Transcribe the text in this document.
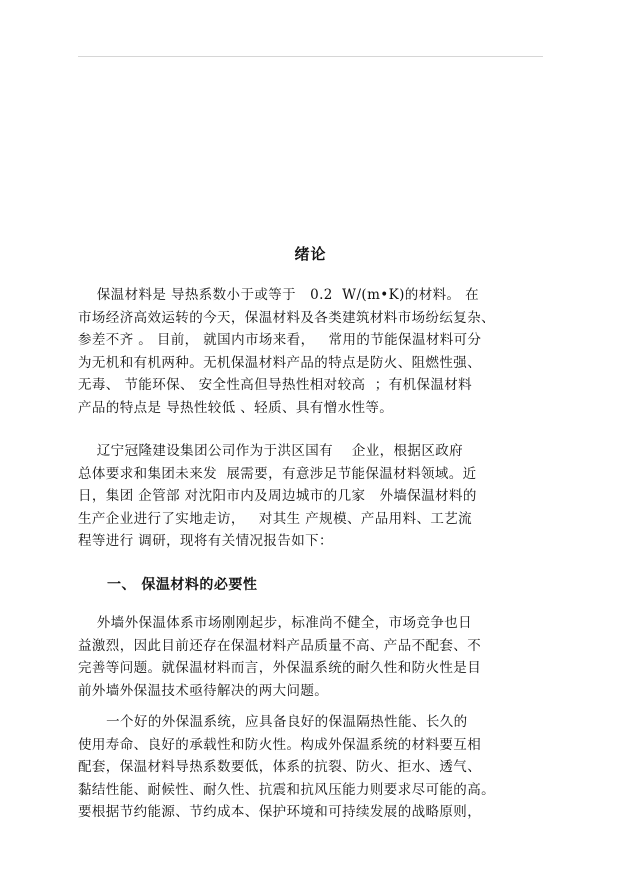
绪论
保温材料是 导热系数小于或等于   0.2  W/(m•K)的材料。 在
市场经济高效运转的今天，保温材料及各类建筑材料市场纷纭复杂、
参差不齐 。 目前， 就国内市场来看，   常用的节能保温材料可分
为无机和有机两种。无机保温材料产品的特点是防火、阻燃性强、
无毒、 节能环保、 安全性高但导热性相对较高  ；有机保温材料
产品的特点是 导热性较低 、轻质、具有憎水性等。
辽宁冠隆建设集团公司作为于洪区国有    企业，根据区政府
总体要求和集团未来发  展需要，有意涉足节能保温材料领域。近
日，集团 企管部 对沈阳市内及周边城市的几家   外墙保温材料的
生产企业进行了实地走访，   对其生 产规模、产品用料、工艺流
程等进行 调研，现将有关情况报告如下：
一、 保温材料的必要性
外墙外保温体系市场刚刚起步，标准尚不健全，市场竞争也日
益激烈，因此目前还存在保温材料产品质量不高、产品不配套、不
完善等问题。就保温材料而言，外保温系统的耐久性和防火性是目
前外墙外保温技术亟待解决的两大问题。
一个好的外保温系统，应具备良好的保温隔热性能、长久的
使用寿命、良好的承载性和防火性。构成外保温系统的材料要互相
配套，保温材料导热系数要低，体系的抗裂、防火、拒水、透气、
黏结性能、耐候性、耐久性、抗震和抗风压能力则要求尽可能的高。
要根据节约能源、节约成本、保护环境和可持续发展的战略原则，
